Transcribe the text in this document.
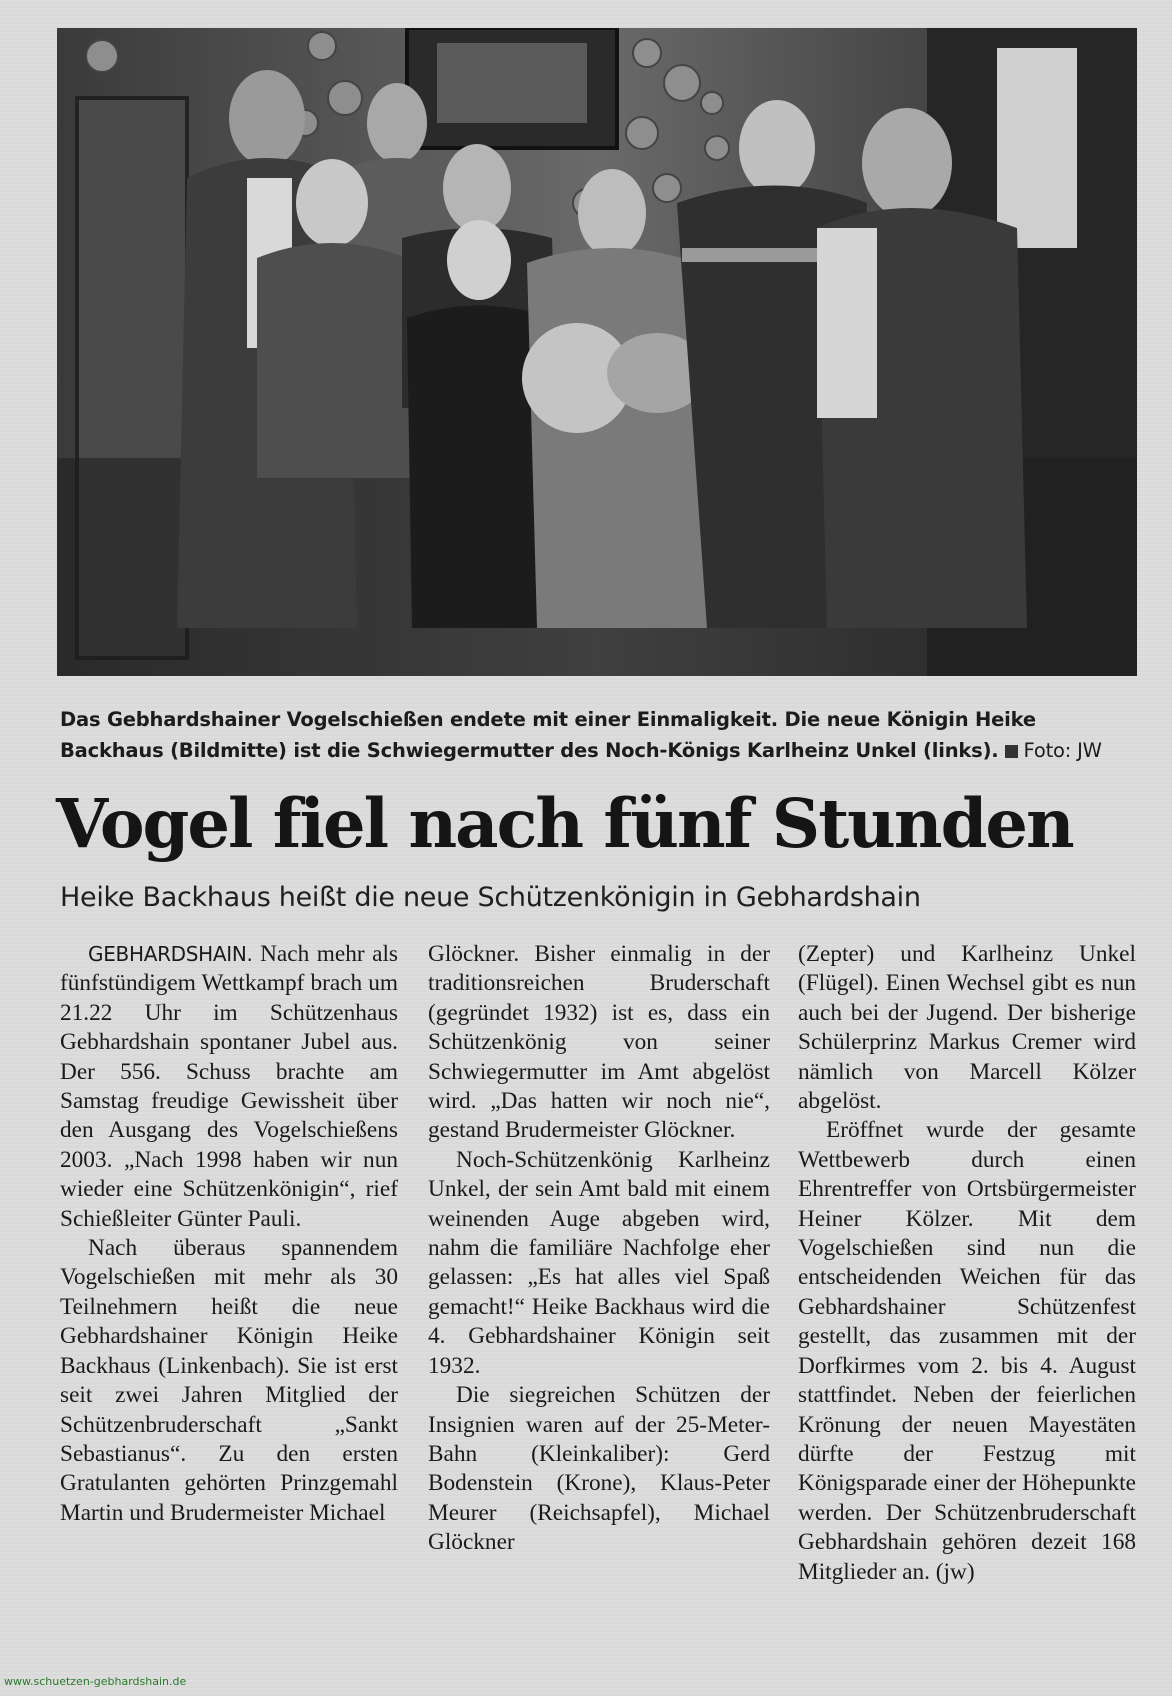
Das Gebhardshainer Vogelschießen endete mit einer Einmaligkeit. Die neue Königin Heike Backhaus (Bildmitte) ist die Schwiegermutter des Noch-Königs Karlheinz Unkel (links). Foto: JW
Vogel fiel nach fünf Stunden
Heike Backhaus heißt die neue Schützenkönigin in Gebhardshain

GEBHARDSHAIN. Nach mehr als fünfstündigem Wettkampf brach um 21.22 Uhr im Schützenhaus Gebhardshain spontaner Jubel aus. Der 556. Schuss brachte am Samstag freudige Gewissheit über den Ausgang des Vogelschießens 2003. „Nach 1998 haben wir nun wieder eine Schützenkönigin“, rief Schießleiter Günter Pauli.

Nach überaus spannendem Vogelschießen mit mehr als 30 Teilnehmern heißt die neue Gebhardshainer Königin Heike Backhaus (Linkenbach). Sie ist erst seit zwei Jahren Mitglied der Schützenbruderschaft „Sankt Sebastianus“. Zu den ersten Gratulanten gehörten Prinzgemahl Martin und Brudermeister Michael

Glöckner. Bisher einmalig in der traditionsreichen Bruderschaft (gegründet 1932) ist es, dass ein Schützenkönig von seiner Schwiegermutter im Amt abgelöst wird. „Das hatten wir noch nie“, gestand Brudermeister Glöckner.

Noch-Schützenkönig Karlheinz Unkel, der sein Amt bald mit einem weinenden Auge abgeben wird, nahm die familiäre Nachfolge eher gelassen: „Es hat alles viel Spaß gemacht!“ Heike Backhaus wird die 4. Gebhardshainer Königin seit 1932.

Die siegreichen Schützen der Insignien waren auf der 25-Meter-Bahn (Kleinkaliber): Gerd Bodenstein (Krone), Klaus-Peter Meurer (Reichsapfel), Michael Glöckner

(Zepter) und Karlheinz Unkel (Flügel). Einen Wechsel gibt es nun auch bei der Jugend. Der bisherige Schülerprinz Markus Cremer wird nämlich von Marcell Kölzer abgelöst.

Eröffnet wurde der gesamte Wettbewerb durch einen Ehrentreffer von Ortsbürgermeister Heiner Kölzer. Mit dem Vogelschießen sind nun die entscheidenden Weichen für das Gebhardshainer Schützenfest gestellt, das zusammen mit der Dorfkirmes vom 2. bis 4. August stattfindet. Neben der feierlichen Krönung der neuen Mayestäten dürfte der Festzug mit Königsparade einer der Höhepunkte werden. Der Schützenbruderschaft Gebhardshain gehören dezeit 168 Mitglieder an. (jw)

www.schuetzen-gebhardshain.de
